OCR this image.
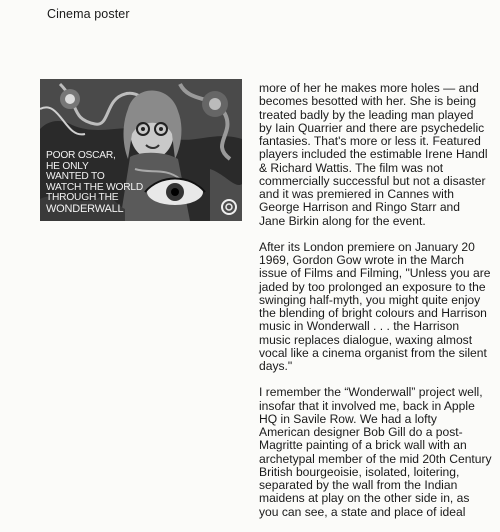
Cinema poster
POOR OSCAR,
HE ONLY
WANTED TO
WATCH THE WORLD
THROUGH THE
WONDERWALL

more of her he makes more holes — and
becomes besotted with her. She is being
treated badly by the leading man played
by Iain Quarrier and there are psychedelic
fantasies. That's more or less it. Featured
players included the estimable Irene Handl
& Richard Wattis. The film was not
commercially successful but not a disaster
and it was premiered in Cannes with
George Harrison and Ringo Starr and
Jane Birkin along for the event.

After its London premiere on January 20
1969, Gordon Gow wrote in the March
issue of Films and Filming, "Unless you are
jaded by too prolonged an exposure to the
swinging half-myth, you might quite enjoy
the blending of bright colours and Harrison
music in Wonderwall . . . the Harrison
music replaces dialogue, waxing almost
vocal like a cinema organist from the silent
days."

I remember the “Wonderwall” project well,
insofar that it involved me, back in Apple
HQ in Savile Row. We had a lofty
American designer Bob Gill do a post-
Magritte painting of a brick wall with an
archetypal member of the mid 20th Century
British bourgeoisie, isolated, loitering,
separated by the wall from the Indian
maidens at play on the other side in, as
you can see, a state and place of ideal
